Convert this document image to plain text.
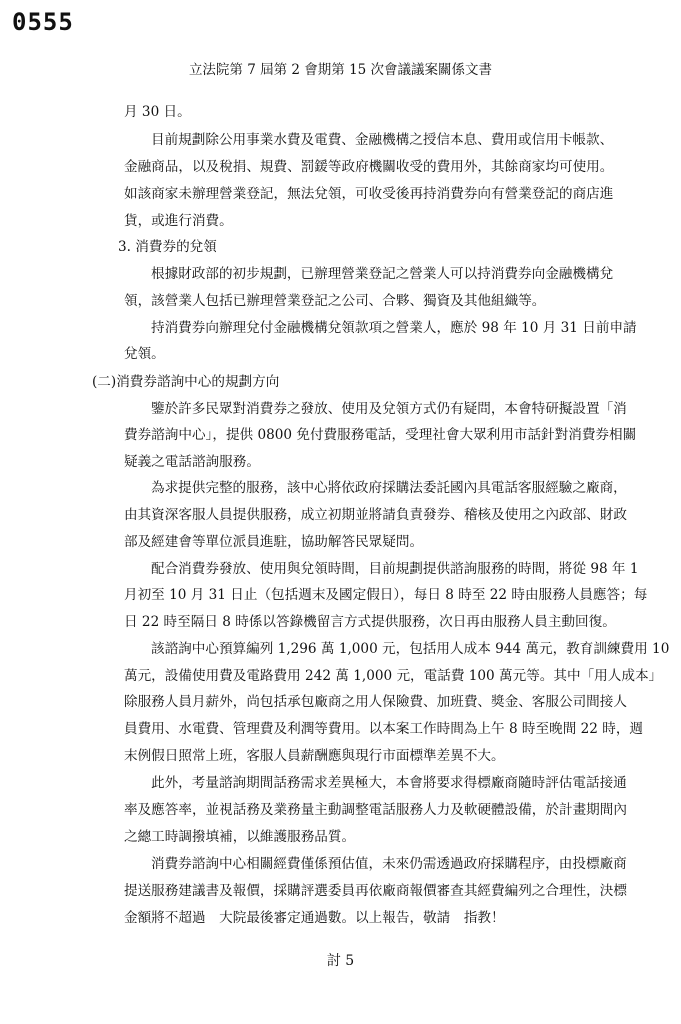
0555
立法院第 7 屆第 2 會期第 15 次會議議案關係文書
月 30 日。
目前規劃除公用事業水費及電費、金融機構之授信本息、費用或信用卡帳款、
金融商品，以及稅捐、規費、罰鍰等政府機關收受的費用外，其餘商家均可使用。
如該商家未辦理營業登記，無法兌領，可收受後再持消費券向有營業登記的商店進
貨，或進行消費。
3. 消費券的兌領
根據財政部的初步規劃，已辦理營業登記之營業人可以持消費券向金融機構兌
領，該營業人包括已辦理營業登記之公司、合夥、獨資及其他組織等。
持消費券向辦理兌付金融機構兌領款項之營業人，應於 98 年 10 月 31 日前申請
兌領。
(二)消費券諮詢中心的規劃方向
鑒於許多民眾對消費券之發放、使用及兌領方式仍有疑問，本會特研擬設置「消
費券諮詢中心」，提供 0800 免付費服務電話，受理社會大眾利用市話針對消費券相關
疑義之電話諮詢服務。
為求提供完整的服務，該中心將依政府採購法委託國內具電話客服經驗之廠商，
由其資深客服人員提供服務，成立初期並將請負責發券、稽核及使用之內政部、財政
部及經建會等單位派員進駐，協助解答民眾疑問。
配合消費券發放、使用與兌領時間，目前規劃提供諮詢服務的時間，將從 98 年 1
月初至 10 月 31 日止（包括週末及國定假日），每日 8 時至 22 時由服務人員應答；每
日 22 時至隔日 8 時係以答錄機留言方式提供服務，次日再由服務人員主動回復。
該諮詢中心預算編列 1,296 萬 1,000 元，包括用人成本 944 萬元，教育訓練費用 10
萬元，設備使用費及電路費用 242 萬 1,000 元，電話費 100 萬元等。其中「用人成本」
除服務人員月薪外，尚包括承包廠商之用人保險費、加班費、獎金、客服公司間接人
員費用、水電費、管理費及利潤等費用。以本案工作時間為上午 8 時至晚間 22 時，週
末例假日照常上班，客服人員薪酬應與現行市面標準差異不大。
此外，考量諮詢期間話務需求差異極大，本會將要求得標廠商隨時評估電話接通
率及應答率，並視話務及業務量主動調整電話服務人力及軟硬體設備，於計畫期間內
之總工時調撥填補，以維護服務品質。
消費券諮詢中心相關經費僅係預估值，未來仍需透過政府採購程序，由投標廠商
提送服務建議書及報價，採購評選委員再依廠商報價審查其經費編列之合理性，決標
金額將不超過　大院最後審定通過數。以上報告，敬請　指教！
討 5
